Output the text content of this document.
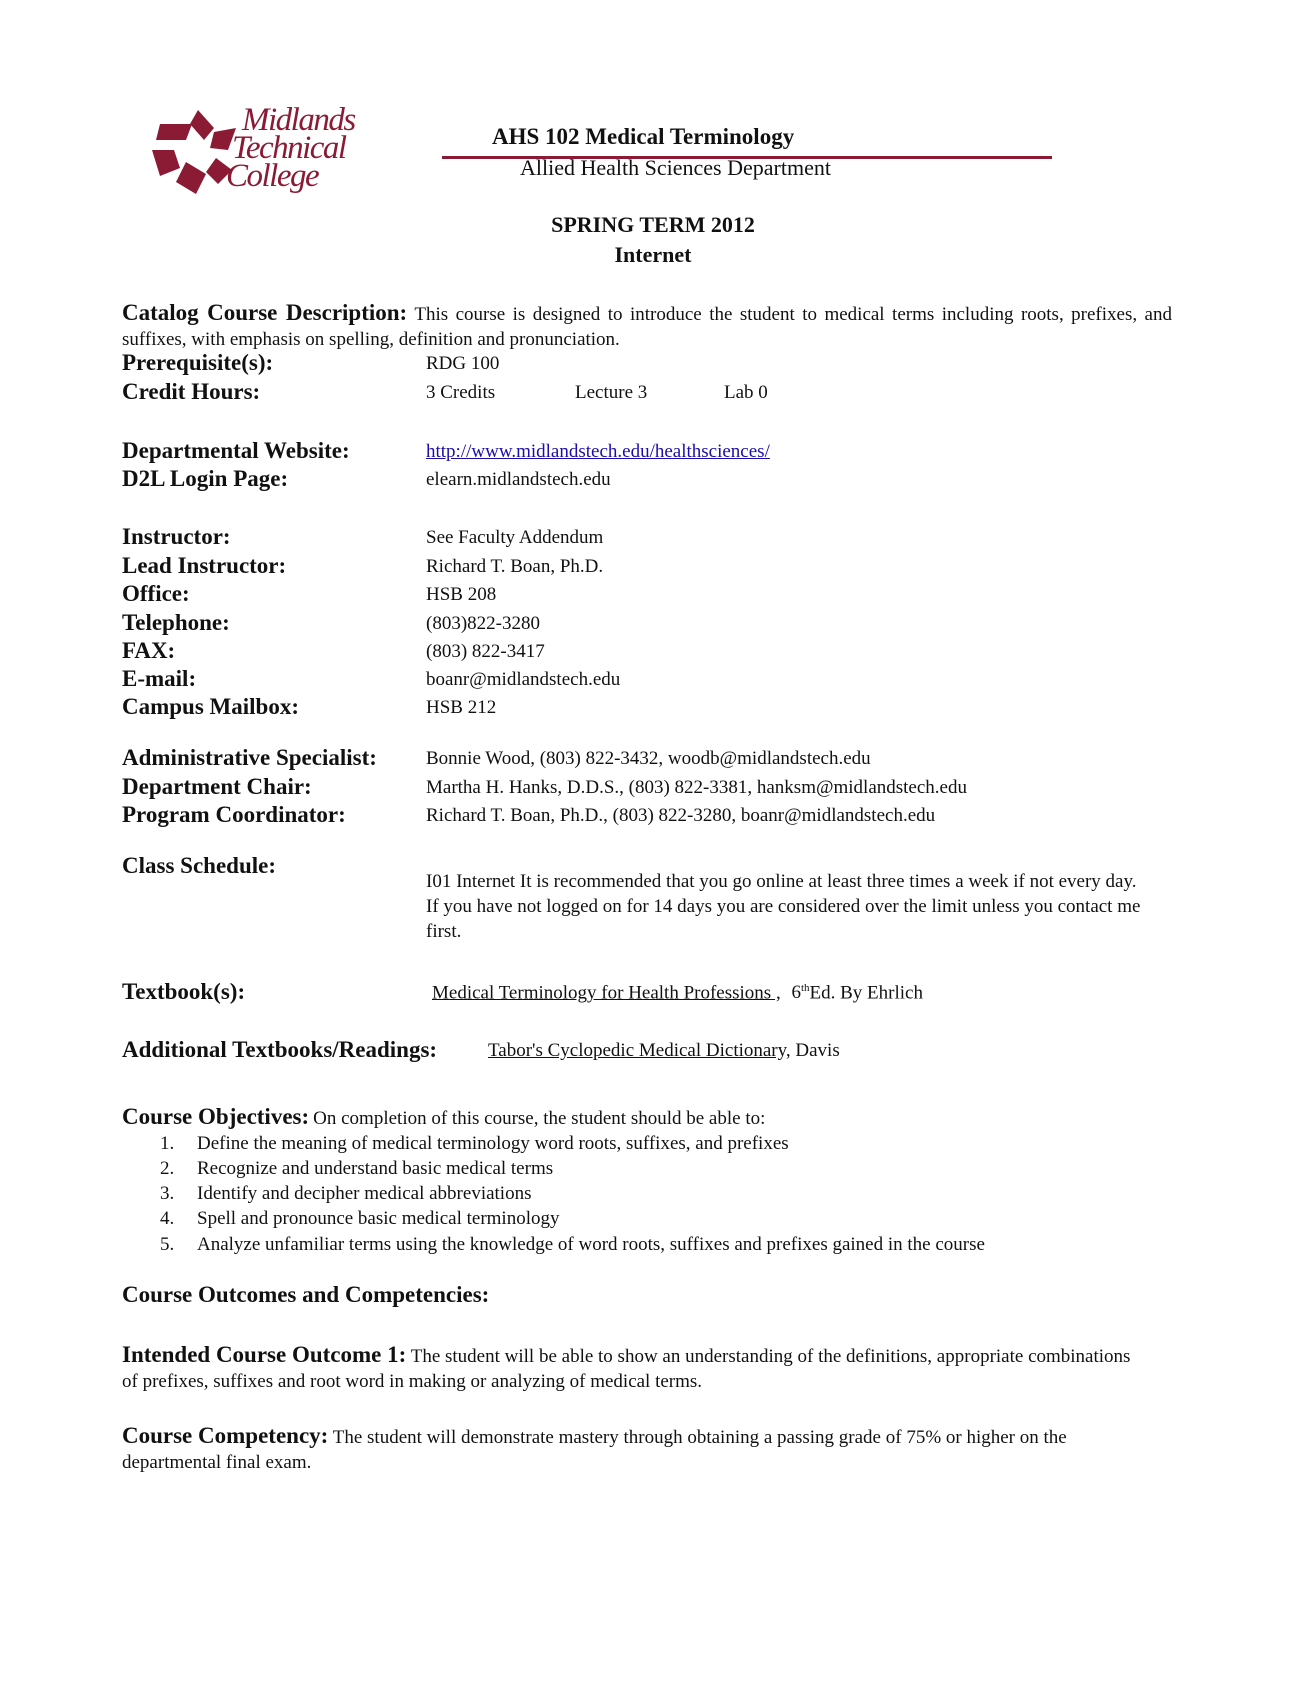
Midlands
Technical
College
AHS 102 Medical Terminology
Allied Health Sciences Department
SPRING TERM 2012
Internet
Catalog Course Description: This course is designed to introduce the student to medical terms including roots, prefixes, and suffixes, with emphasis on spelling, definition and pronunciation.
Prerequisite(s):	RDG 100
Credit Hours:	3 Credits	Lecture 3	Lab 0
Departmental Website:	http://www.midlandstech.edu/healthsciences/
D2L Login Page:	elearn.midlandstech.edu
Instructor:	See Faculty Addendum
Lead Instructor:	Richard T. Boan, Ph.D.
Office:	HSB 208
Telephone:	(803)822-3280
FAX:	(803) 822-3417
E-mail:	boanr@midlandstech.edu
Campus Mailbox:	HSB 212
Administrative Specialist:	Bonnie Wood, (803) 822-3432, woodb@midlandstech.edu
Department Chair:	Martha H. Hanks, D.D.S., (803) 822-3381, hanksm@midlandstech.edu
Program Coordinator:	Richard T. Boan, Ph.D., (803) 822-3280, boanr@midlandstech.edu
Class Schedule:
I01 Internet It is recommended that you go online at least three times a week if not every day. If you have not logged on for 14 days you are considered over the limit unless you contact me first.
Textbook(s):	Medical Terminology for Health Professions , 6thEd. By Ehrlich
Additional Textbooks/Readings:	Tabor's Cyclopedic Medical Dictionary, Davis
Course Objectives: On completion of this course, the student should be able to:
1. Define the meaning of medical terminology word roots, suffixes, and prefixes
2. Recognize and understand basic medical terms
3. Identify and decipher medical abbreviations
4. Spell and pronounce basic medical terminology
5. Analyze unfamiliar terms using the knowledge of word roots, suffixes and prefixes gained in the course
Course Outcomes and Competencies:
Intended Course Outcome 1: The student will be able to show an understanding of the definitions, appropriate combinations of prefixes, suffixes and root word in making or analyzing of medical terms.
Course Competency: The student will demonstrate mastery through obtaining a passing grade of 75% or higher on the departmental final exam.
